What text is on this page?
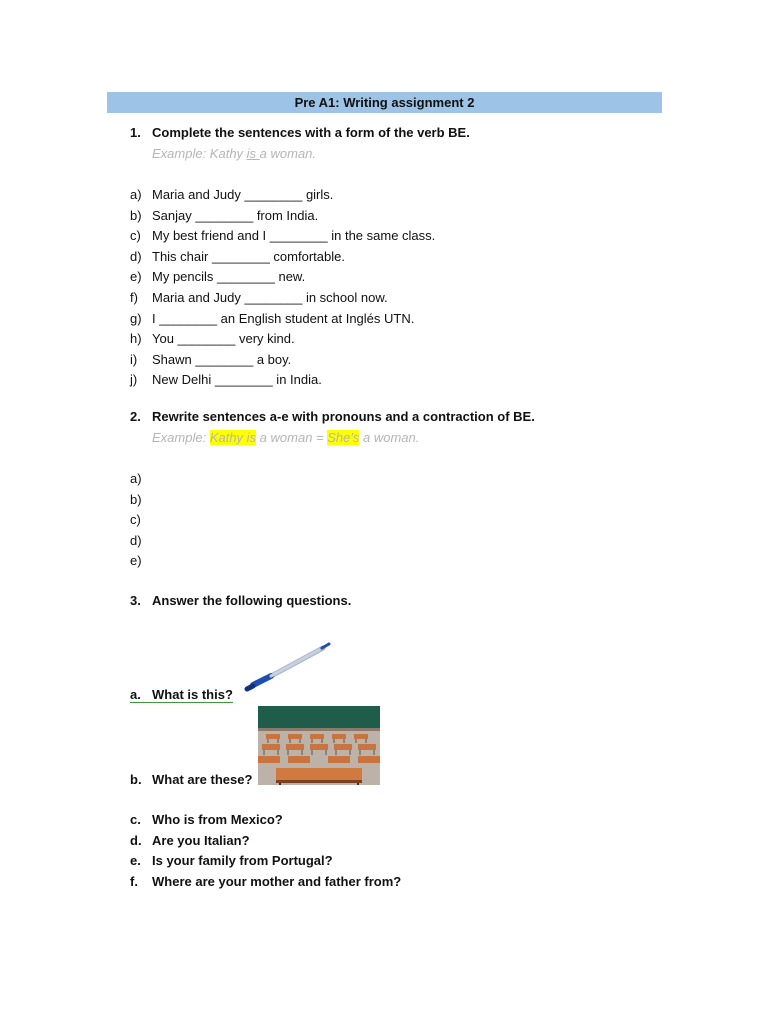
Pre A1: Writing assignment 2
1. Complete the sentences with a form of the verb BE.
Example: Kathy is a woman.
a) Maria and Judy ________ girls.
b) Sanjay ________ from India.
c) My best friend and I ________ in the same class.
d) This chair ________ comfortable.
e) My pencils ________ new.
f) Maria and Judy ________ in school now.
g) I ________ an English student at Inglés UTN.
h) You ________ very kind.
i) Shawn ________ a boy.
j) New Delhi ________ in India.
2. Rewrite sentences a-e with pronouns and a contraction of BE.
Example: Kathy is a woman = She's a woman.
a)
b)
c)
d)
e)
3. Answer the following questions.
a. What is this?
b. What are these?
c. Who is from Mexico?
d. Are you Italian?
e. Is your family from Portugal?
f. Where are your mother and father from?
